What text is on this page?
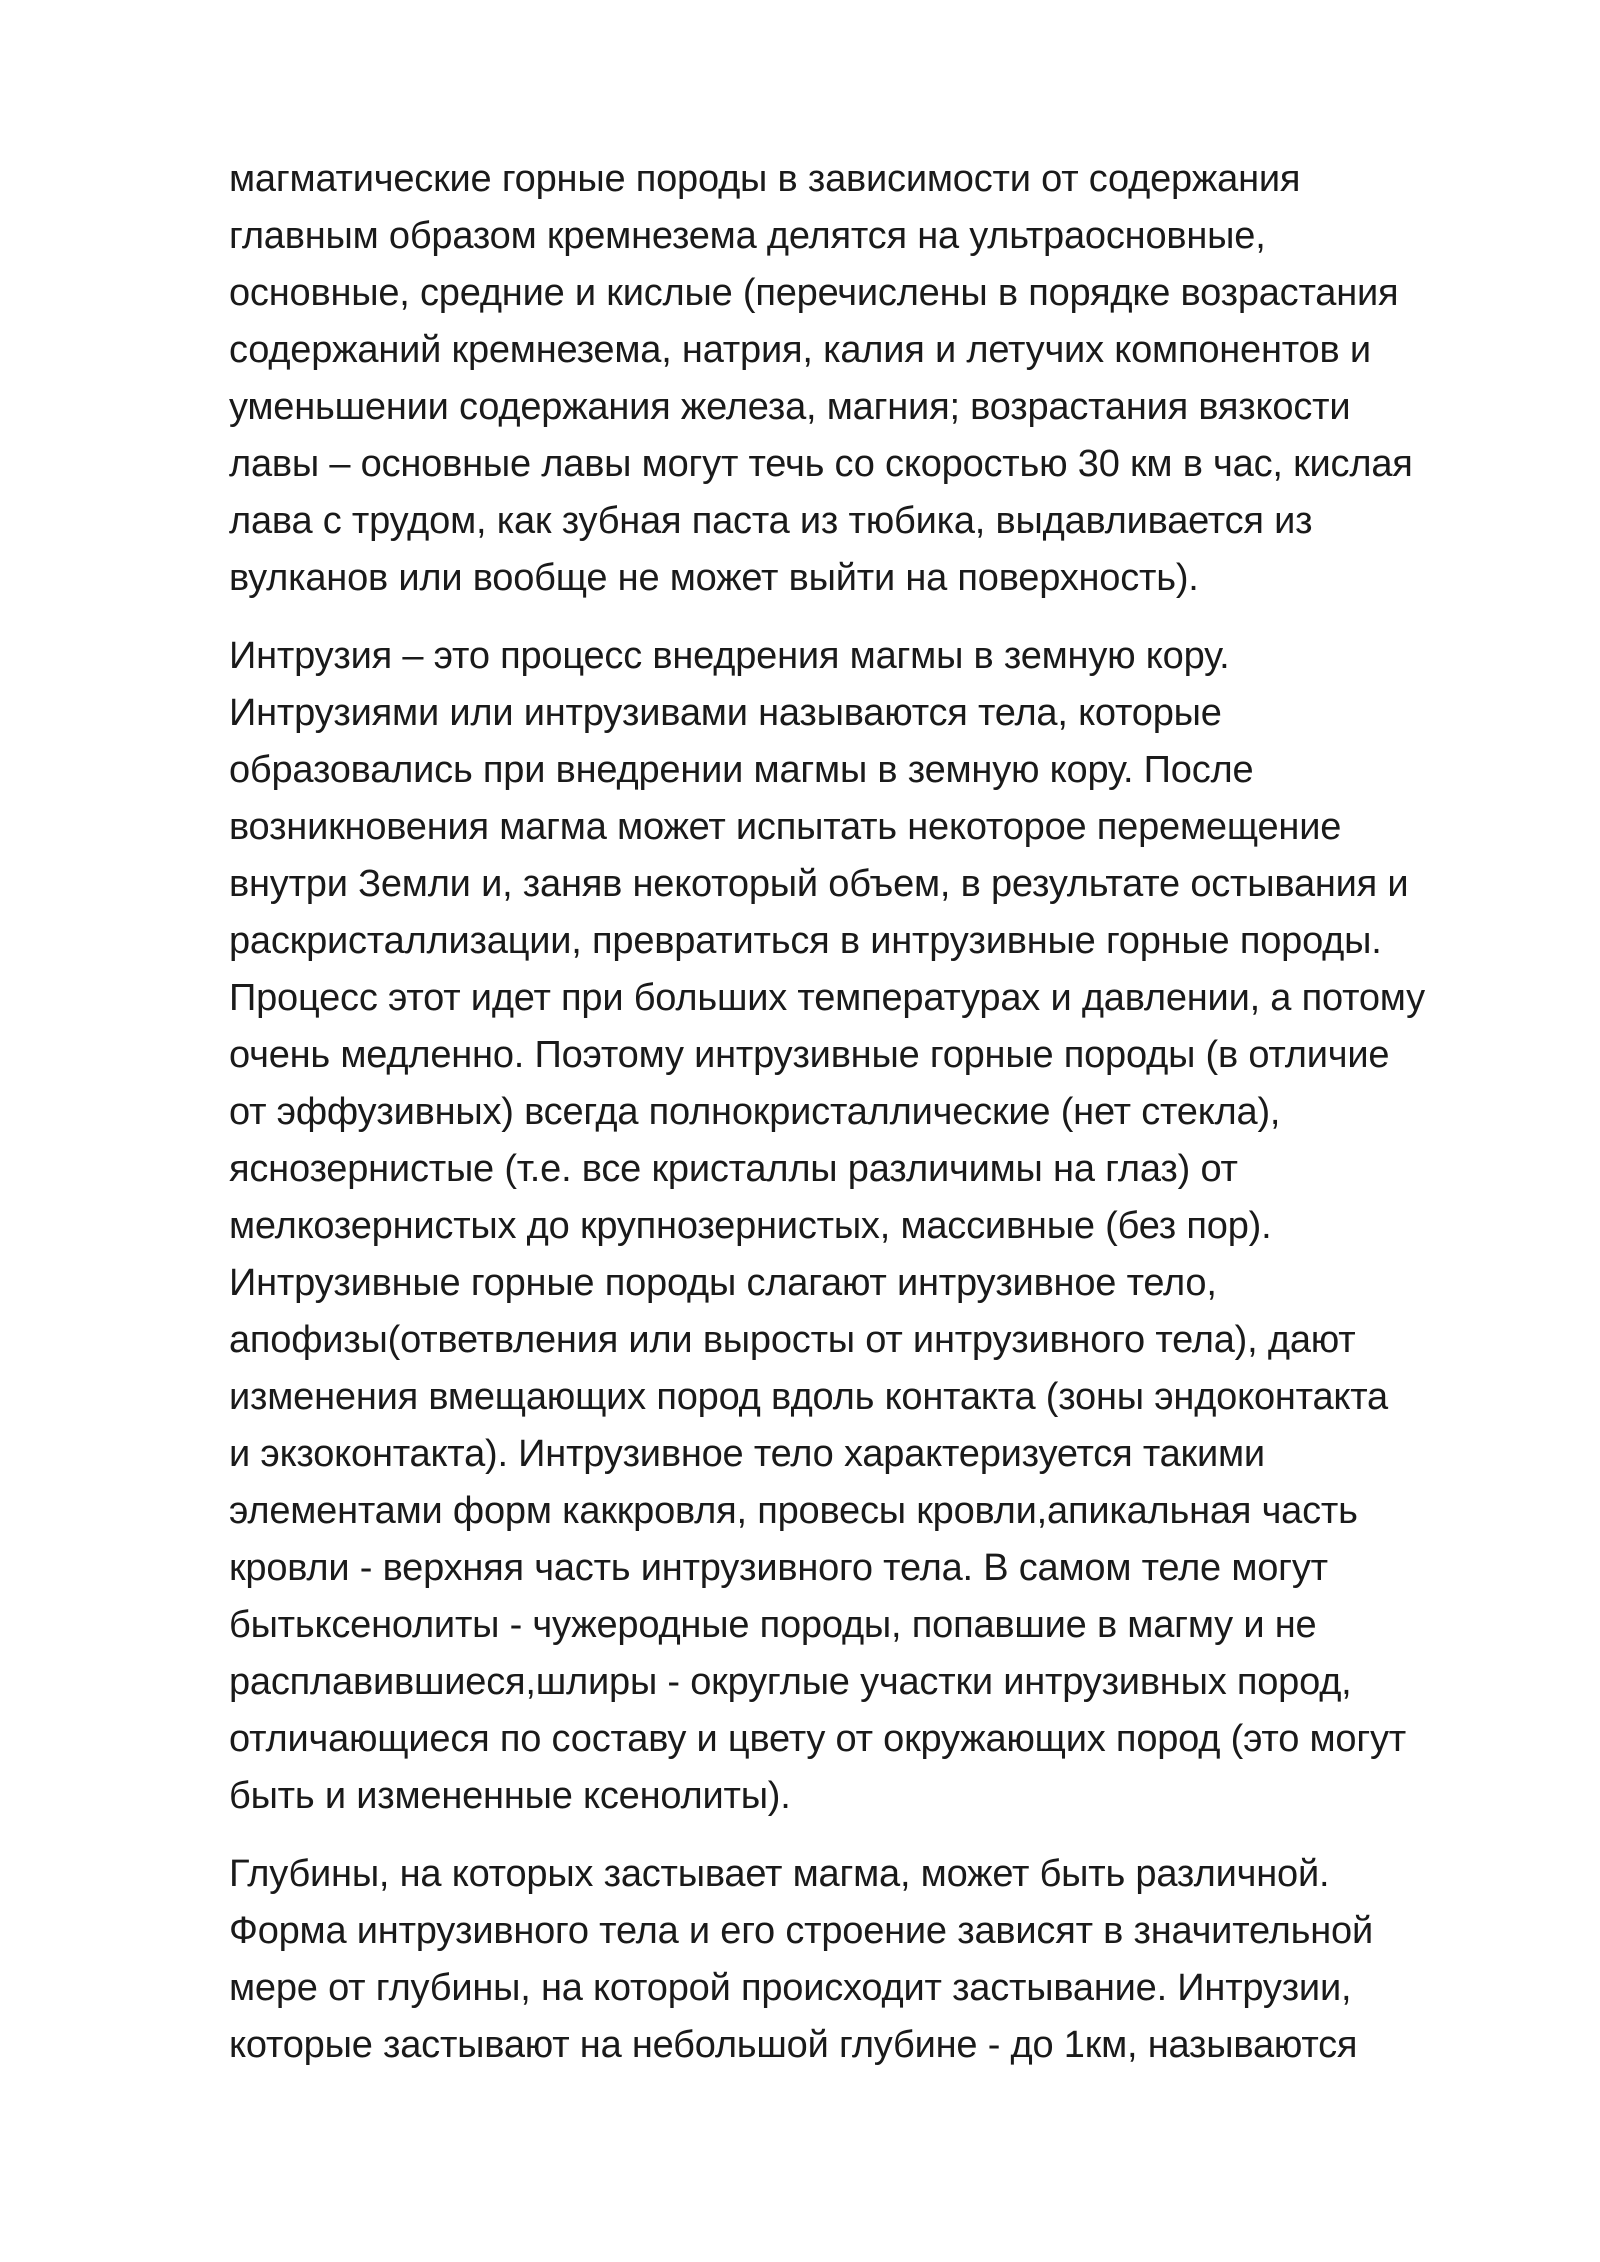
магматические горные породы в зависимости от содержания
главным образом кремнезема делятся на ультраосновные,
основные, средние и кислые (перечислены в порядке возрастания
содержаний кремнезема, натрия, калия и летучих компонентов и
уменьшении содержания железа, магния; возрастания вязкости
лавы – основные лавы могут течь со скоростью 30 км в час, кислая
лава с трудом, как зубная паста из тюбика, выдавливается из
вулканов или вообще не может выйти на поверхность).

Интрузия – это процесс внедрения магмы в земную кору.
Интрузиями или интрузивами называются тела, которые
образовались при внедрении магмы в земную кору. После
возникновения магма может испытать некоторое перемещение
внутри Земли и, заняв некоторый объем, в результате остывания и
раскристаллизации, превратиться в интрузивные горные породы.
Процесс этот идет при больших температурах и давлении, а потому
очень медленно. Поэтому интрузивные горные породы (в отличие
от эффузивных) всегда полнокристаллические (нет стекла),
яснозернистые (т.е. все кристаллы различимы на глаз) от
мелкозернистых до крупнозернистых, массивные (без пор).
Интрузивные горные породы слагают интрузивное тело,
апофизы(ответвления или выросты от интрузивного тела), дают
изменения вмещающих пород вдоль контакта (зоны эндоконтакта
и экзоконтакта). Интрузивное тело характеризуется такими
элементами форм каккровля, провесы кровли,апикальная часть
кровли - верхняя часть интрузивного тела. В самом теле могут
бытьксенолиты - чужеродные породы, попавшие в магму и не
расплавившиеся,шлиры - округлые участки интрузивных пород,
отличающиеся по составу и цвету от окружающих пород (это могут
быть и измененные ксенолиты).

Глубины, на которых застывает магма, может быть различной.
Форма интрузивного тела и его строение зависят в значительной
мере от глубины, на которой происходит застывание. Интрузии,
которые застывают на небольшой глубине - до 1км, называются
